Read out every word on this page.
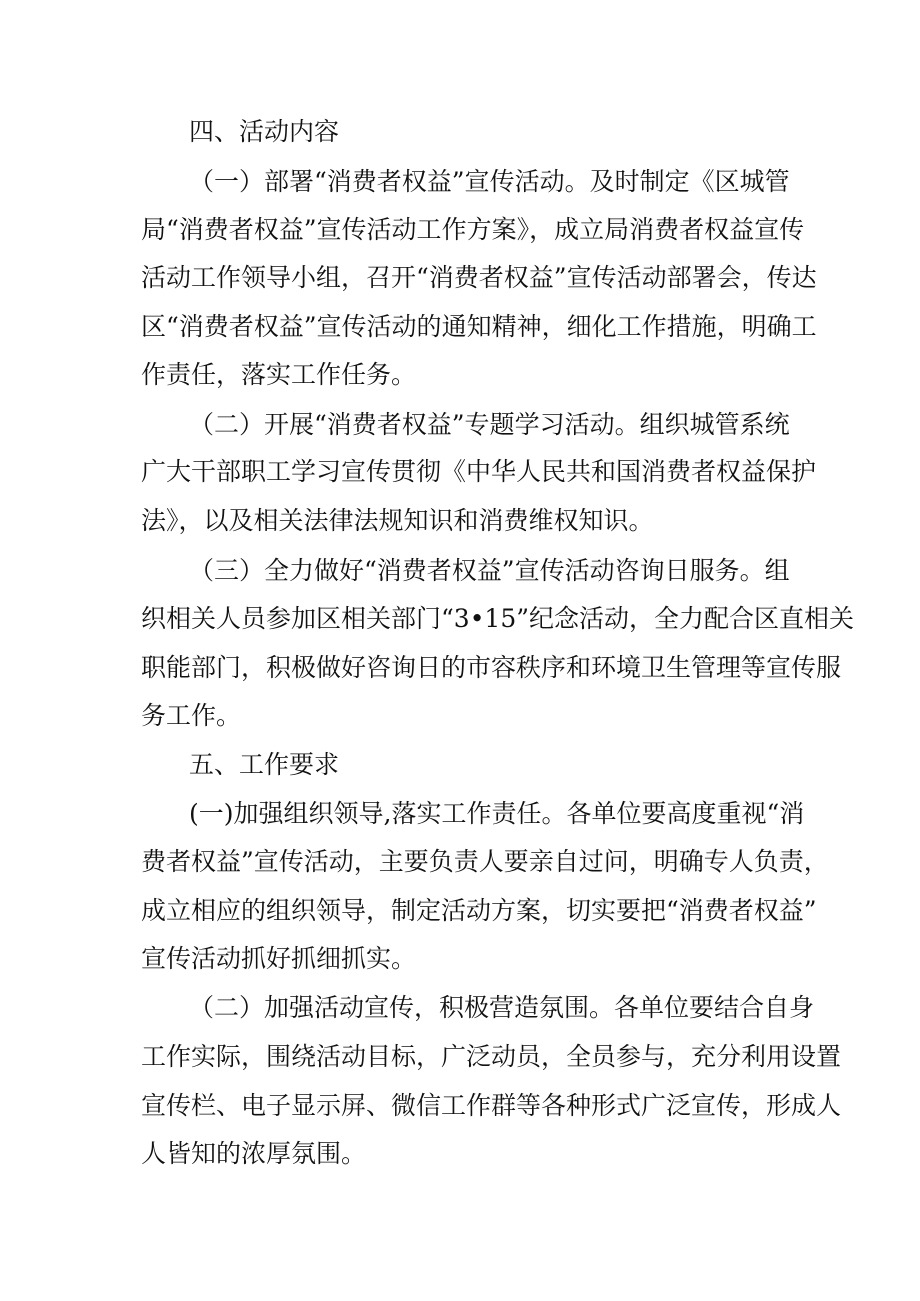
四、活动内容
（一）部署“消费者权益”宣传活动。及时制定《区城管
局“消费者权益”宣传活动工作方案》，成立局消费者权益宣传
活动工作领导小组，召开“消费者权益”宣传活动部署会，传达
区“消费者权益”宣传活动的通知精神，细化工作措施，明确工
作责任，落实工作任务。
（二）开展“消费者权益”专题学习活动。组织城管系统
广大干部职工学习宣传贯彻《中华人民共和国消费者权益保护
法》，以及相关法律法规知识和消费维权知识。
（三）全力做好“消费者权益”宣传活动咨询日服务。组
织相关人员参加区相关部门“3•15”纪念活动，全力配合区直相关
职能部门，积极做好咨询日的市容秩序和环境卫生管理等宣传服
务工作。
五、工作要求
(一)加强组织领导,落实工作责任。各单位要高度重视“消
费者权益”宣传活动，主要负责人要亲自过问，明确专人负责，
成立相应的组织领导，制定活动方案，切实要把“消费者权益”
宣传活动抓好抓细抓实。
（二）加强活动宣传，积极营造氛围。各单位要结合自身
工作实际，围绕活动目标，广泛动员，全员参与，充分利用设置
宣传栏、电子显示屏、微信工作群等各种形式广泛宣传，形成人
人皆知的浓厚氛围。
